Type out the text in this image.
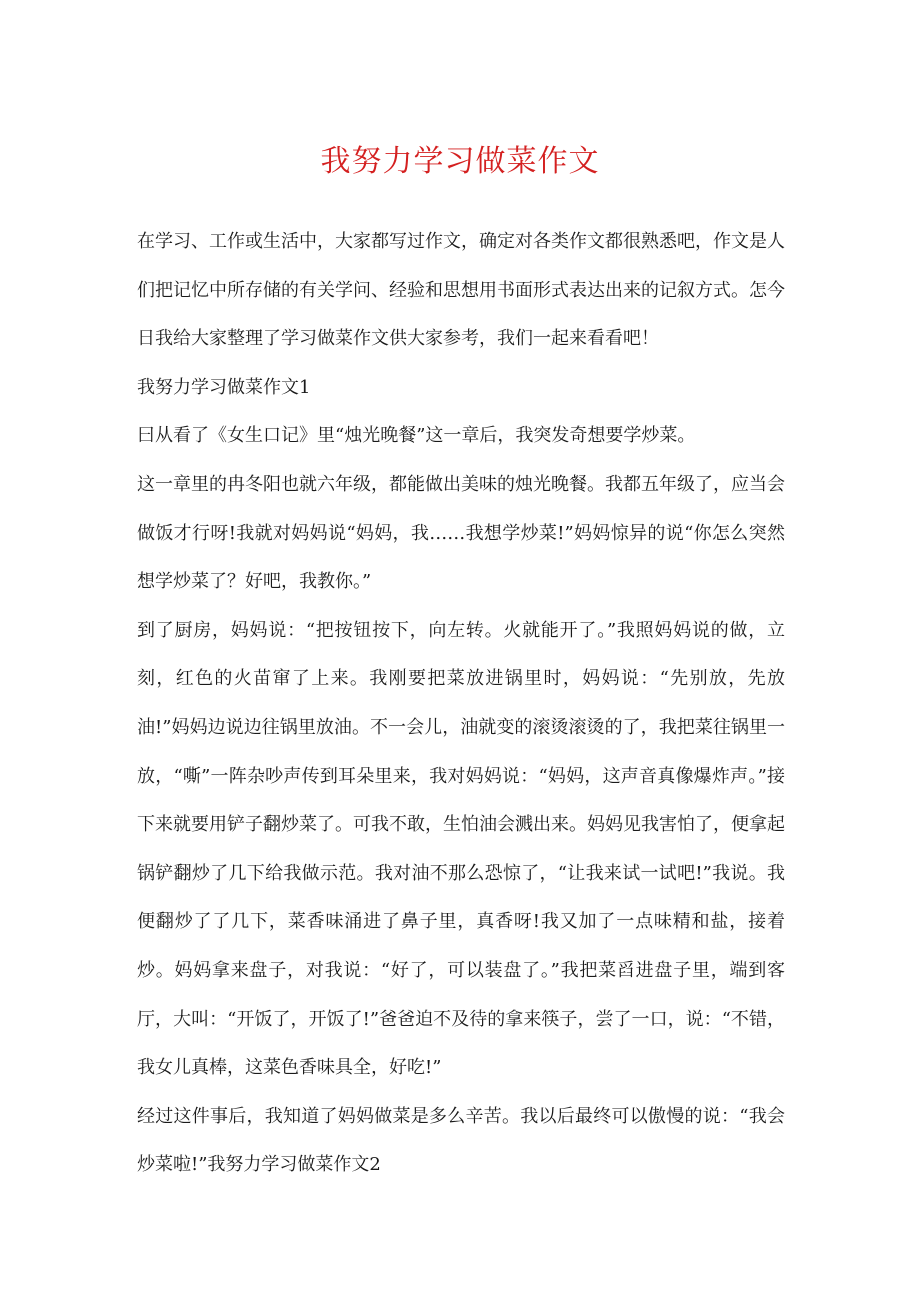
我努力学习做菜作文

在学习、工作或生活中，大家都写过作文，确定对各类作文都很熟悉吧，作文是人们把记忆中所存储的有关学问、经验和思想用书面形式表达出来的记叙方式。怎今日我给大家整理了学习做菜作文供大家参考，我们一起来看看吧！

我努力学习做菜作文1

曰从看了《女生口记》里“烛光晚餐”这一章后，我突发奇想要学炒菜。

这一章里的冉冬阳也就六年级，都能做出美味的烛光晚餐。我都五年级了，应当会做饭才行呀!我就对妈妈说“妈妈，我……我想学炒菜!”妈妈惊异的说“你怎么突然想学炒菜了？好吧，我教你。”

到了厨房，妈妈说：“把按钮按下，向左转。火就能开了。”我照妈妈说的做，立刻，红色的火苗窜了上来。我刚要把菜放进锅里时，妈妈说：“先别放，先放油!”妈妈边说边往锅里放油。不一会儿，油就变的滚烫滚烫的了，我把菜往锅里一放，“嘶”一阵杂吵声传到耳朵里来，我对妈妈说：“妈妈，这声音真像爆炸声。”接下来就要用铲子翻炒菜了。可我不敢，生怕油会溅出来。妈妈见我害怕了，便拿起锅铲翻炒了几下给我做示范。我对油不那么恐惊了，“让我来试一试吧!”我说。我便翻炒了了几下，菜香味涌进了鼻子里，真香呀!我又加了一点味精和盐，接着炒。妈妈拿来盘子，对我说：“好了，可以装盘了。”我把菜舀进盘子里，端到客厅，大叫：“开饭了，开饭了!”爸爸迫不及待的拿来筷子，尝了一口，说：“不错，我女儿真棒，这菜色香味具全，好吃!”

经过这件事后，我知道了妈妈做菜是多么辛苦。我以后最终可以傲慢的说：“我会炒菜啦!”我努力学习做菜作文2
